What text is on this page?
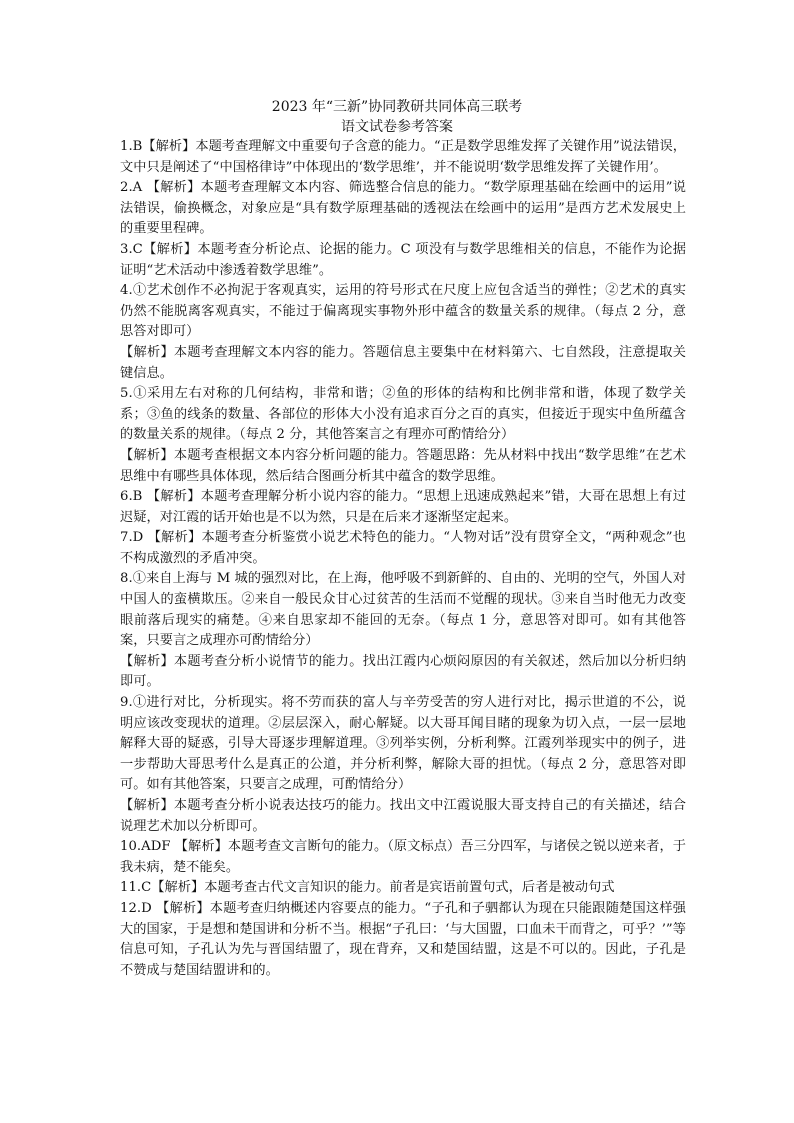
2023 年“三新”协同教研共同体高三联考
语文试卷参考答案

1.B【解析】本题考查理解文中重要句子含意的能力。“正是数学思维发挥了关键作用”说法错误，文中只是阐述了“中国格律诗”中体现出的‘数学思维’，并不能说明‘数学思维发挥了关键作用’。

2.A 【解析】本题考查理解文本内容、筛选整合信息的能力。“数学原理基础在绘画中的运用”说法错误，偷换概念，对象应是“具有数学原理基础的透视法在绘画中的运用”是西方艺术发展史上的重要里程碑。

3.C【解析】本题考查分析论点、论据的能力。C 项没有与数学思维相关的信息，不能作为论据证明“艺术活动中渗透着数学思维”。

4.①艺术创作不必拘泥于客观真实，运用的符号形式在尺度上应包含适当的弹性；②艺术的真实仍然不能脱离客观真实，不能过于偏离现实事物外形中蕴含的数量关系的规律。（每点 2 分，意思答对即可）

【解析】本题考查理解文本内容的能力。答题信息主要集中在材料第六、七自然段，注意提取关键信息。

5.①采用左右对称的几何结构，非常和谐；②鱼的形体的结构和比例非常和谐，体现了数学关系；③鱼的线条的数量、各部位的形体大小没有追求百分之百的真实，但接近于现实中鱼所蕴含的数量关系的规律。（每点 2 分，其他答案言之有理亦可酌情给分）

【解析】本题考查根据文本内容分析问题的能力。答题思路：先从材料中找出“数学思维”在艺术思维中有哪些具体体现，然后结合图画分析其中蕴含的数学思维。

6.B 【解析】本题考查理解分析小说内容的能力。“思想上迅速成熟起来”错，大哥在思想上有过迟疑，对江霞的话开始也是不以为然，只是在后来才逐渐坚定起来。

7.D 【解析】本题考查分析鉴赏小说艺术特色的能力。“人物对话”没有贯穿全文，“两种观念”也不构成激烈的矛盾冲突。

8.①来自上海与 M 城的强烈对比，在上海，他呼吸不到新鲜的、自由的、光明的空气，外国人对中国人的蛮横欺压。②来自一般民众甘心过贫苦的生活而不觉醒的现状。③来自当时他无力改变眼前落后现实的痛楚。④来自思家却不能回的无奈。（每点 1 分，意思答对即可。如有其他答案，只要言之成理亦可酌情给分）

【解析】本题考查分析小说情节的能力。找出江霞内心烦闷原因的有关叙述，然后加以分析归纳即可。

9.①进行对比，分析现实。将不劳而获的富人与辛劳受苦的穷人进行对比，揭示世道的不公，说明应该改变现状的道理。②层层深入，耐心解疑。以大哥耳闻目睹的现象为切入点，一层一层地解释大哥的疑惑，引导大哥逐步理解道理。③列举实例，分析利弊。江霞列举现实中的例子，进一步帮助大哥思考什么是真正的公道，并分析利弊，解除大哥的担忧。（每点 2 分，意思答对即可。如有其他答案，只要言之成理，可酌情给分）

【解析】本题考查分析小说表达技巧的能力。找出文中江霞说服大哥支持自己的有关描述，结合说理艺术加以分析即可。

10.ADF 【解析】本题考查文言断句的能力。（原文标点）吾三分四军，与诸侯之锐以逆来者，于我未病，楚不能矣。

11.C【解析】本题考查古代文言知识的能力。前者是宾语前置句式，后者是被动句式

12.D 【解析】本题考查归纳概述内容要点的能力。“子孔和子驷都认为现在只能跟随楚国这样强大的国家，于是想和楚国讲和分析不当。根据“子孔曰：‘与大国盟，口血未干而背之，可乎？’”等信息可知，子孔认为先与晋国结盟了，现在背弃，又和楚国结盟，这是不可以的。因此，子孔是不赞成与楚国结盟讲和的。
